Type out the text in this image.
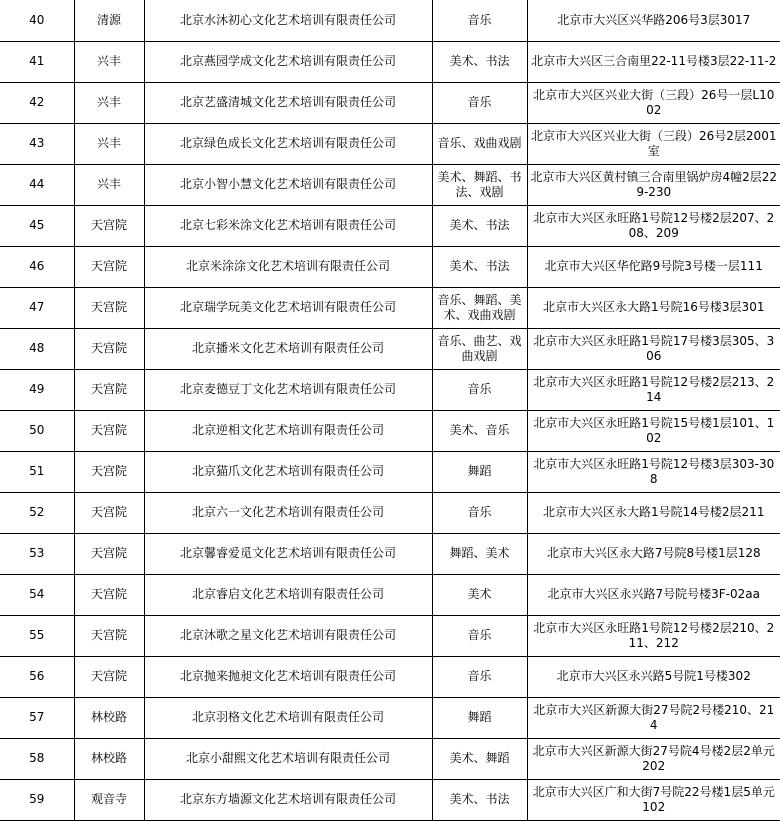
40	清源	北京水沐初心文化艺术培训有限责任公司	音乐	北京市大兴区兴华路206号3层3017
41	兴丰	北京燕园学成文化艺术培训有限责任公司	美术、书法	北京市大兴区三合南里22-11号楼3层22-11-2
42	兴丰	北京艺盛清城文化艺术培训有限责任公司	音乐	北京市大兴区兴业大街（三段）26号一层L1002
43	兴丰	北京绿色成长文化艺术培训有限责任公司	音乐、戏曲戏剧	北京市大兴区兴业大街（三段）26号2层2001室
44	兴丰	北京小智小慧文化艺术培训有限责任公司	美术、舞蹈、书法、戏剧	北京市大兴区黄村镇三合南里锅炉房4幢2层229-230
45	天宫院	北京七彩米涂文化艺术培训有限责任公司	美术、书法	北京市大兴区永旺路1号院12号楼2层207、208、209
46	天宫院	北京米涂涂文化艺术培训有限责任公司	美术、书法	北京市大兴区华佗路9号院3号楼一层111
47	天宫院	北京瑞学玩美文化艺术培训有限责任公司	音乐、舞蹈、美术、戏曲戏剧	北京市大兴区永大路1号院16号楼3层301
48	天宫院	北京播米文化艺术培训有限责任公司	音乐、曲艺、戏曲戏剧	北京市大兴区永旺路1号院17号楼3层305、306
49	天宫院	北京麦德豆丁文化艺术培训有限责任公司	音乐	北京市大兴区永旺路1号院12号楼2层213、214
50	天宫院	北京逆相文化艺术培训有限责任公司	美术、音乐	北京市大兴区永旺路1号院15号楼1层101、102
51	天宫院	北京猫爪文化艺术培训有限责任公司	舞蹈	北京市大兴区永旺路1号院12号楼3层303-308
52	天宫院	北京六一文化艺术培训有限责任公司	音乐	北京市大兴区永大路1号院14号楼2层211
53	天宫院	北京馨睿爱觅文化艺术培训有限责任公司	舞蹈、美术	北京市大兴区永大路7号院8号楼1层128
54	天宫院	北京睿启文化艺术培训有限责任公司	美术	北京市大兴区永兴路7号院号楼3F-02aa
55	天宫院	北京沐歌之星文化艺术培训有限责任公司	音乐	北京市大兴区永旺路1号院12号楼2层210、211、212
56	天宫院	北京抛来抛昶文化艺术培训有限责任公司	音乐	北京市大兴区永兴路5号院1号楼302
57	林校路	北京羽格文化艺术培训有限责任公司	舞蹈	北京市大兴区新源大街27号院2号楼210、214
58	林校路	北京小甜熙文化艺术培训有限责任公司	美术、舞蹈	北京市大兴区新源大街27号院4号楼2层2单元202
59	观音寺	北京东方墙源文化艺术培训有限责任公司	美术、书法	北京市大兴区广和大街7号院22号楼1层5单元102
